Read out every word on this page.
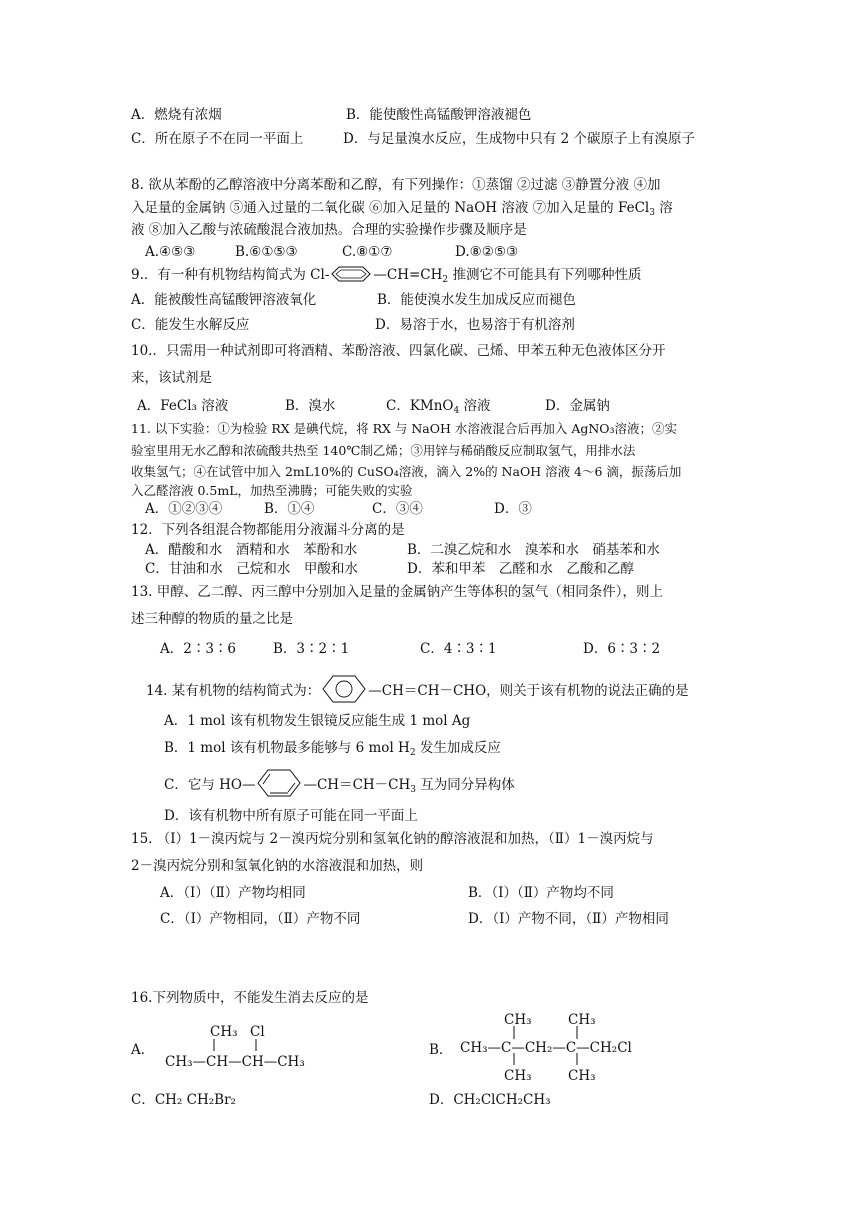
A．燃烧有浓烟	B．能使酸性高锰酸钾溶液褪色
C．所在原子不在同一平面上	D．与足量溴水反应，生成物中只有 2 个碳原子上有溴原子
8. 欲从苯酚的乙醇溶液中分离苯酚和乙醇，有下列操作：①蒸馏 ②过滤 ③静置分液 ④加
入足量的金属钠 ⑤通入过量的二氧化碳 ⑥加入足量的 NaOH 溶液 ⑦加入足量的 FeCl$_3$ 溶
液 ⑧加入乙酸与浓硫酸混合液加热。合理的实验操作步骤及顺序是
A.④⑤③	B.⑥①⑤③	C.⑧①⑦	D.⑧②⑤③
9.．有一种有机物结构简式为 Cl-	$—CH=CH_2$ 推测它不可能具有下列哪种性质
A．能被酸性高锰酸钾溶液氧化	B．能使溴水发生加成反应而褪色
C．能发生水解反应	D．易溶于水，也易溶于有机溶剂
10.．只需用一种试剂即可将酒精、苯酚溶液、四氯化碳、己烯、甲苯五种无色液体区分开
来，该试剂是
A．FeCl₃ 溶液	B．溴水	C．KMnO$_4$ 溶液	D．金属钠
11. 以下实验：①为检验 RX 是碘代烷，将 RX 与 NaOH 水溶液混合后再加入 AgNO₃溶液；②实
验室里用无水乙醇和浓硫酸共热至 140℃制乙烯；③用锌与稀硝酸反应制取氢气，用排水法
收集氢气；④在试管中加入 2mL10%的 CuSO₄溶液，滴入 2%的 NaOH 溶液 4～6 滴，振荡后加
入乙醛溶液 0.5mL，加热至沸腾；可能失败的实验
A．①②③④	B．①④	C．③④	D．③
12．下列各组混合物都能用分液漏斗分离的是
A．醋酸和水　酒精和水　苯酚和水	B．二溴乙烷和水　溴苯和水　硝基苯和水
C．甘油和水　己烷和水　甲酸和水	D．苯和甲苯　乙醛和水　乙酸和乙醇
13. 甲醇、乙二醇、丙三醇中分别加入足量的金属钠产生等体积的氢气（相同条件），则上
述三种醇的物质的量之比是
A．2∶3∶6	B．3∶2∶1	C．4∶3∶1	D．6∶3∶2
14. 某有机物的结构简式为：	—CH＝CH－CHO，则关于该有机物的说法正确的是
A．1 mol 该有机物发生银镜反应能生成 1 mol Ag
B．1 mol 该有机物最多能够与 6 mol $H_2$ 发生加成反应
C．它与 HO—	$—CH=CH-CH_3$ 互为同分异构体
D．该有机物中所有原子可能在同一平面上
15. （Ⅰ）1－溴丙烷与 2－溴丙烷分别和氢氧化钠的醇溶液混和加热，（Ⅱ）1－溴丙烷与
2－溴丙烷分别和氢氧化钠的水溶液混和加热，则
A．（Ⅰ）（Ⅱ）产物均相同	B．（Ⅰ）（Ⅱ）产物均不同
C．（Ⅰ）产物相同，（Ⅱ）产物不同	D．（Ⅰ）产物不同，（Ⅱ）产物相同
16.下列物质中，不能发生消去反应的是
A．
CH₃ Cl
CH₃—CH—CH—CH₃
B．
CH₃	CH₃
CH₃—C—CH₂—C—CH₂Cl
CH₃	CH₃
C．CH₂ CH₂Br₂	D．CH₂ClCH₂CH₃
